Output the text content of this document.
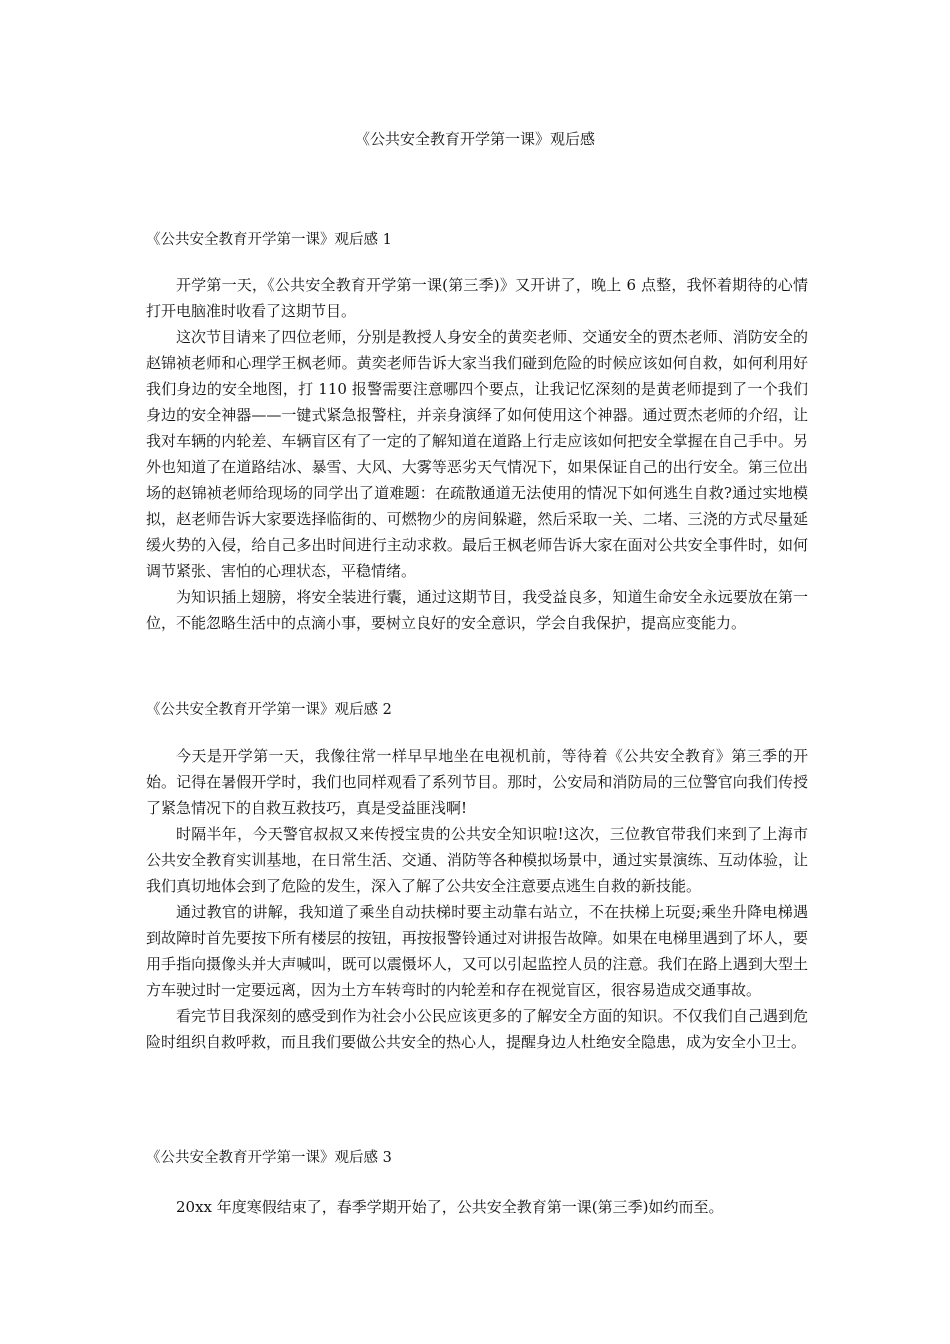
《公共安全教育开学第一课》观后感
《公共安全教育开学第一课》观后感 1

开学第一天，《公共安全教育开学第一课(第三季)》又开讲了，晚上 6 点整，我怀着期待的心情打开电脑准时收看了这期节目。

这次节目请来了四位老师，分别是教授人身安全的黄奕老师、交通安全的贾杰老师、消防安全的赵锦祯老师和心理学王枫老师。黄奕老师告诉大家当我们碰到危险的时候应该如何自救，如何利用好我们身边的安全地图，打 110 报警需要注意哪四个要点，让我记忆深刻的是黄老师提到了一个我们身边的安全神器——一键式紧急报警柱，并亲身演绎了如何使用这个神器。通过贾杰老师的介绍，让我对车辆的内轮差、车辆盲区有了一定的了解知道在道路上行走应该如何把安全掌握在自己手中。另外也知道了在道路结冰、暴雪、大风、大雾等恶劣天气情况下，如果保证自己的出行安全。第三位出场的赵锦祯老师给现场的同学出了道难题：在疏散通道无法使用的情况下如何逃生自救?通过实地模拟，赵老师告诉大家要选择临街的、可燃物少的房间躲避，然后采取一关、二堵、三浇的方式尽量延缓火势的入侵，给自己多出时间进行主动求救。最后王枫老师告诉大家在面对公共安全事件时，如何调节紧张、害怕的心理状态，平稳情绪。

为知识插上翅膀，将安全装进行囊，通过这期节目，我受益良多，知道生命安全永远要放在第一位，不能忽略生活中的点滴小事，要树立良好的安全意识，学会自我保护，提高应变能力。

《公共安全教育开学第一课》观后感 2

今天是开学第一天，我像往常一样早早地坐在电视机前，等待着《公共安全教育》第三季的开始。记得在暑假开学时，我们也同样观看了系列节目。那时，公安局和消防局的三位警官向我们传授了紧急情况下的自救互救技巧，真是受益匪浅啊!

时隔半年，今天警官叔叔又来传授宝贵的公共安全知识啦!这次，三位教官带我们来到了上海市公共安全教育实训基地，在日常生活、交通、消防等各种模拟场景中，通过实景演练、互动体验，让我们真切地体会到了危险的发生，深入了解了公共安全注意要点逃生自救的新技能。

通过教官的讲解，我知道了乘坐自动扶梯时要主动靠右站立，不在扶梯上玩耍;乘坐升降电梯遇到故障时首先要按下所有楼层的按钮，再按报警铃通过对讲报告故障。如果在电梯里遇到了坏人，要用手指向摄像头并大声喊叫，既可以震慑坏人，又可以引起监控人员的注意。我们在路上遇到大型土方车驶过时一定要远离，因为土方车转弯时的内轮差和存在视觉盲区，很容易造成交通事故。

看完节目我深刻的感受到作为社会小公民应该更多的了解安全方面的知识。不仅我们自己遇到危险时组织自救呼救，而且我们要做公共安全的热心人，提醒身边人杜绝安全隐患，成为安全小卫士。

《公共安全教育开学第一课》观后感 3

20xx 年度寒假结束了，春季学期开始了，公共安全教育第一课(第三季)如约而至。
